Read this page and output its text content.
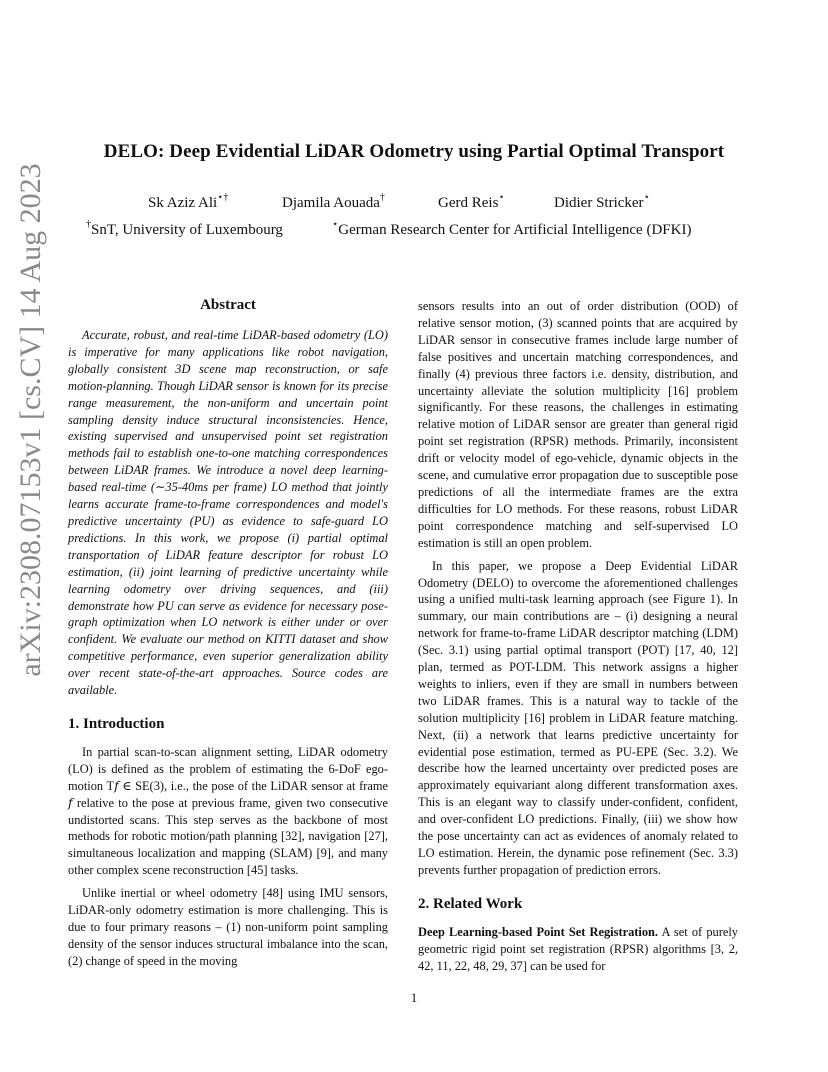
DELO: Deep Evidential LiDAR Odometry using Partial Optimal Transport
Sk Aziz Ali⋆†	Djamila Aouada†	Gerd Reis⋆	Didier Stricker⋆
†SnT, University of Luxembourg	⋆German Research Center for Artificial Intelligence (DFKI)
arXiv:2308.07153v1 [cs.CV] 14 Aug 2023	Abstract

Accurate, robust, and real-time LiDAR-based odometry (LO) is imperative for many applications like robot navigation, globally consistent 3D scene map reconstruction, or safe motion-planning. Though LiDAR sensor is known for its precise range measurement, the non-uniform and uncertain point sampling density induce structural inconsistencies. Hence, existing supervised and unsupervised point set registration methods fail to establish one-to-one matching correspondences between LiDAR frames. We introduce a novel deep learning-based real-time (∼35-40ms per frame) LO method that jointly learns accurate frame-to-frame correspondences and model's predictive uncertainty (PU) as evidence to safe-guard LO predictions. In this work, we propose (i) partial optimal transportation of LiDAR feature descriptor for robust LO estimation, (ii) joint learning of predictive uncertainty while learning odometry over driving sequences, and (iii) demonstrate how PU can serve as evidence for necessary pose-graph optimization when LO network is either under or over confident. We evaluate our method on KITTI dataset and show competitive performance, even superior generalization ability over recent state-of-the-art approaches. Source codes are available.

1. Introduction

In partial scan-to-scan alignment setting, LiDAR odometry (LO) is defined as the problem of estimating the 6-DoF ego-motion T𝑓 ∈ SE(3), i.e., the pose of the LiDAR sensor at frame 𝑓 relative to the pose at previous frame, given two consecutive undistorted scans. This step serves as the backbone of most methods for robotic motion/path planning [32], navigation [27], simultaneous localization and mapping (SLAM) [9], and many other complex scene reconstruction [45] tasks.

Unlike inertial or wheel odometry [48] using IMU sensors, LiDAR-only odometry estimation is more challenging. This is due to four primary reasons – (1) non-uniform point sampling density of the sensor induces structural imbalance into the scan, (2) change of speed in the moving

sensors results into an out of order distribution (OOD) of relative sensor motion, (3) scanned points that are acquired by LiDAR sensor in consecutive frames include large number of false positives and uncertain matching correspondences, and finally (4) previous three factors i.e. density, distribution, and uncertainty alleviate the solution multiplicity [16] problem significantly. For these reasons, the challenges in estimating relative motion of LiDAR sensor are greater than general rigid point set registration (RPSR) methods. Primarily, inconsistent drift or velocity model of ego-vehicle, dynamic objects in the scene, and cumulative error propagation due to susceptible pose predictions of all the intermediate frames are the extra difficulties for LO methods. For these reasons, robust LiDAR point correspondence matching and self-supervised LO estimation is still an open problem.

In this paper, we propose a Deep Evidential LiDAR Odometry (DELO) to overcome the aforementioned challenges using a unified multi-task learning approach (see Figure 1). In summary, our main contributions are – (i) designing a neural network for frame-to-frame LiDAR descriptor matching (LDM) (Sec. 3.1) using partial optimal transport (POT) [17, 40, 12] plan, termed as POT-LDM. This network assigns a higher weights to inliers, even if they are small in numbers between two LiDAR frames. This is a natural way to tackle of the solution multiplicity [16] problem in LiDAR feature matching. Next, (ii) a network that learns predictive uncertainty for evidential pose estimation, termed as PU-EPE (Sec. 3.2). We describe how the learned uncertainty over predicted poses are approximately equivariant along different transformation axes. This is an elegant way to classify under-confident, confident, and over-confident LO predictions. Finally, (iii) we show how the pose uncertainty can act as evidences of anomaly related to LO estimation. Herein, the dynamic pose refinement (Sec. 3.3) prevents further propagation of prediction errors.

2. Related Work

Deep Learning-based Point Set Registration. A set of purely geometric rigid point set registration (RPSR) algorithms [3, 2, 42, 11, 22, 48, 29, 37] can be used for

1
